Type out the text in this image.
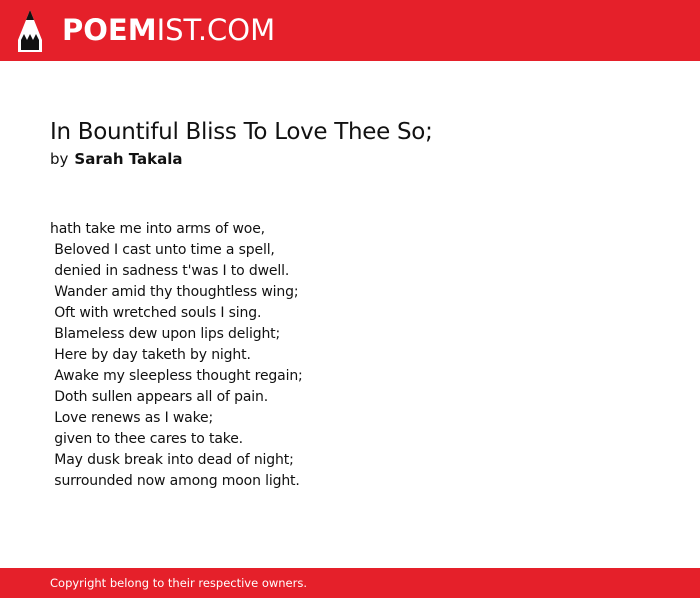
POEMIST.COM
In Bountiful Bliss To Love Thee So;
by Sarah Takala
hath take me into arms of woe,
Beloved I cast unto time a spell,
denied in sadness t'was I to dwell.
Wander amid thy thoughtless wing;
Oft with wretched souls I sing.
Blameless dew upon lips delight;
Here by day taketh by night.
Awake my sleepless thought regain;
Doth sullen appears all of pain.
Love renews as I wake;
given to thee cares to take.
May dusk break into dead of night;
surrounded now among moon light.
Copyright belong to their respective owners.
